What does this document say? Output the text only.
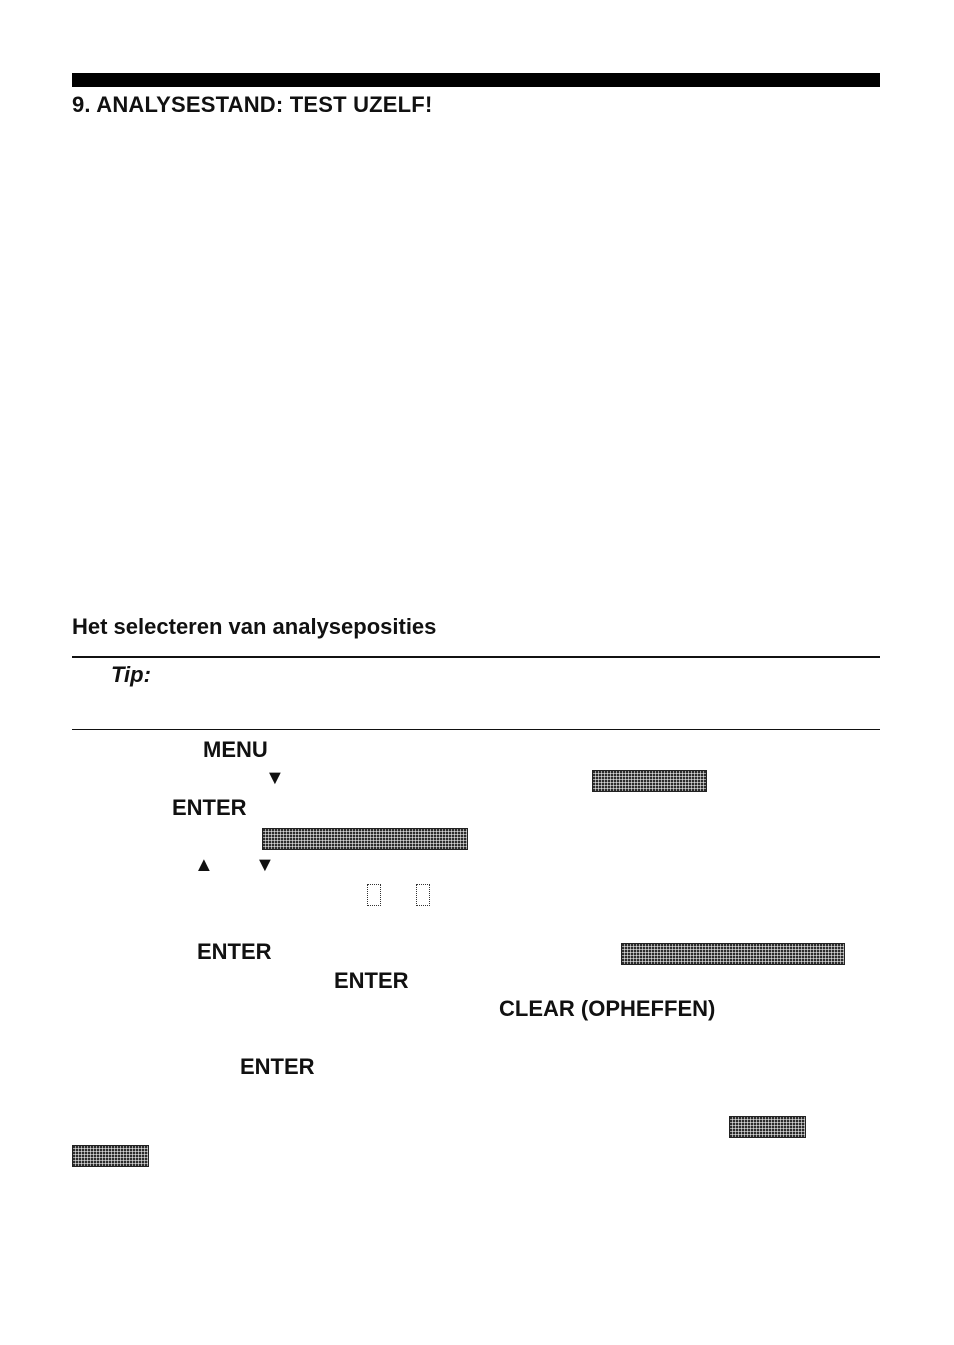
9. ANALYSESTAND: TEST UZELF!
Het selecteren van analyseposities
Tip:
MENU
▼
ENTER
▲ ▼
ENTER
ENTER
CLEAR (OPHEFFEN)
ENTER
